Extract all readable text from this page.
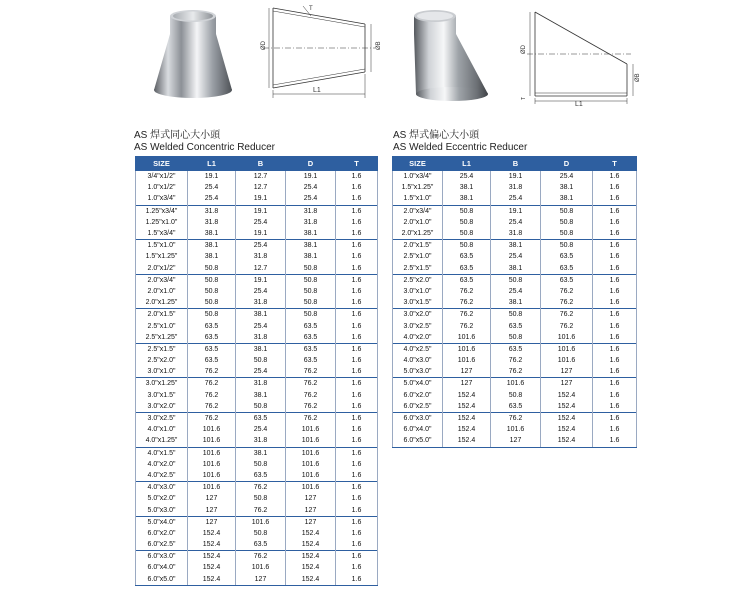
T
ØD	ØB
L1
T
ØD
ØB
L1
AS 焊式同心大小頭
AS Welded Concentric Reducer
AS 焊式偏心大小頭
AS Welded Eccentric Reducer
SIZE	L1	B	D	T
3/4"x1/2"	19.1	12.7	19.1	1.6
1.0"x1/2"	25.4	12.7	25.4	1.6
1.0"x3/4"	25.4	19.1	25.4	1.6
1.25"x3/4"	31.8	19.1	31.8	1.6
1.25"x1.0"	31.8	25.4	31.8	1.6
1.5"x3/4"	38.1	19.1	38.1	1.6
1.5"x1.0"	38.1	25.4	38.1	1.6
1.5"x1.25"	38.1	31.8	38.1	1.6
2.0"x1/2"	50.8	12.7	50.8	1.6
2.0"x3/4"	50.8	19.1	50.8	1.6
2.0"x1.0"	50.8	25.4	50.8	1.6
2.0"x1.25"	50.8	31.8	50.8	1.6
2.0"x1.5"	50.8	38.1	50.8	1.6
2.5"x1.0"	63.5	25.4	63.5	1.6
2.5"x1.25"	63.5	31.8	63.5	1.6
2.5"x1.5"	63.5	38.1	63.5	1.6
2.5"x2.0"	63.5	50.8	63.5	1.6
3.0"x1.0"	76.2	25.4	76.2	1.6
3.0"x1.25"	76.2	31.8	76.2	1.6
3.0"x1.5"	76.2	38.1	76.2	1.6
3.0"x2.0"	76.2	50.8	76.2	1.6
3.0"x2.5"	76.2	63.5	76.2	1.6
4.0"x1.0"	101.6	25.4	101.6	1.6
4.0"x1.25"	101.6	31.8	101.6	1.6
4.0"x1.5"	101.6	38.1	101.6	1.6
4.0"x2.0"	101.6	50.8	101.6	1.6
4.0"x2.5"	101.6	63.5	101.6	1.6
4.0"x3.0"	101.6	76.2	101.6	1.6
5.0"x2.0"	127	50.8	127	1.6
5.0"x3.0"	127	76.2	127	1.6
5.0"x4.0"	127	101.6	127	1.6
6.0"x2.0"	152.4	50.8	152.4	1.6
6.0"x2.5"	152.4	63.5	152.4	1.6
6.0"x3.0"	152.4	76.2	152.4	1.6
6.0"x4.0"	152.4	101.6	152.4	1.6
6.0"x5.0"	152.4	127	152.4	1.6
SIZE	L1	B	D	T
1.0"x3/4"	25.4	19.1	25.4	1.6
1.5"x1.25"	38.1	31.8	38.1	1.6
1.5"x1.0"	38.1	25.4	38.1	1.6
2.0"x3/4"	50.8	19.1	50.8	1.6
2.0"x1.0"	50.8	25.4	50.8	1.6
2.0"x1.25"	50.8	31.8	50.8	1.6
2.0"x1.5"	50.8	38.1	50.8	1.6
2.5"x1.0"	63.5	25.4	63.5	1.6
2.5"x1.5"	63.5	38.1	63.5	1.6
2.5"x2.0"	63.5	50.8	63.5	1.6
3.0"x1.0"	76.2	25.4	76.2	1.6
3.0"x1.5"	76.2	38.1	76.2	1.6
3.0"x2.0"	76.2	50.8	76.2	1.6
3.0"x2.5"	76.2	63.5	76.2	1.6
4.0"x2.0"	101.6	50.8	101.6	1.6
4.0"x2.5"	101.6	63.5	101.6	1.6
4.0"x3.0"	101.6	76.2	101.6	1.6
5.0"x3.0"	127	76.2	127	1.6
5.0"x4.0"	127	101.6	127	1.6
6.0"x2.0"	152.4	50.8	152.4	1.6
6.0"x2.5"	152.4	63.5	152.4	1.6
6.0"x3.0"	152.4	76.2	152.4	1.6
6.0"x4.0"	152.4	101.6	152.4	1.6
6.0"x5.0"	152.4	127	152.4	1.6
